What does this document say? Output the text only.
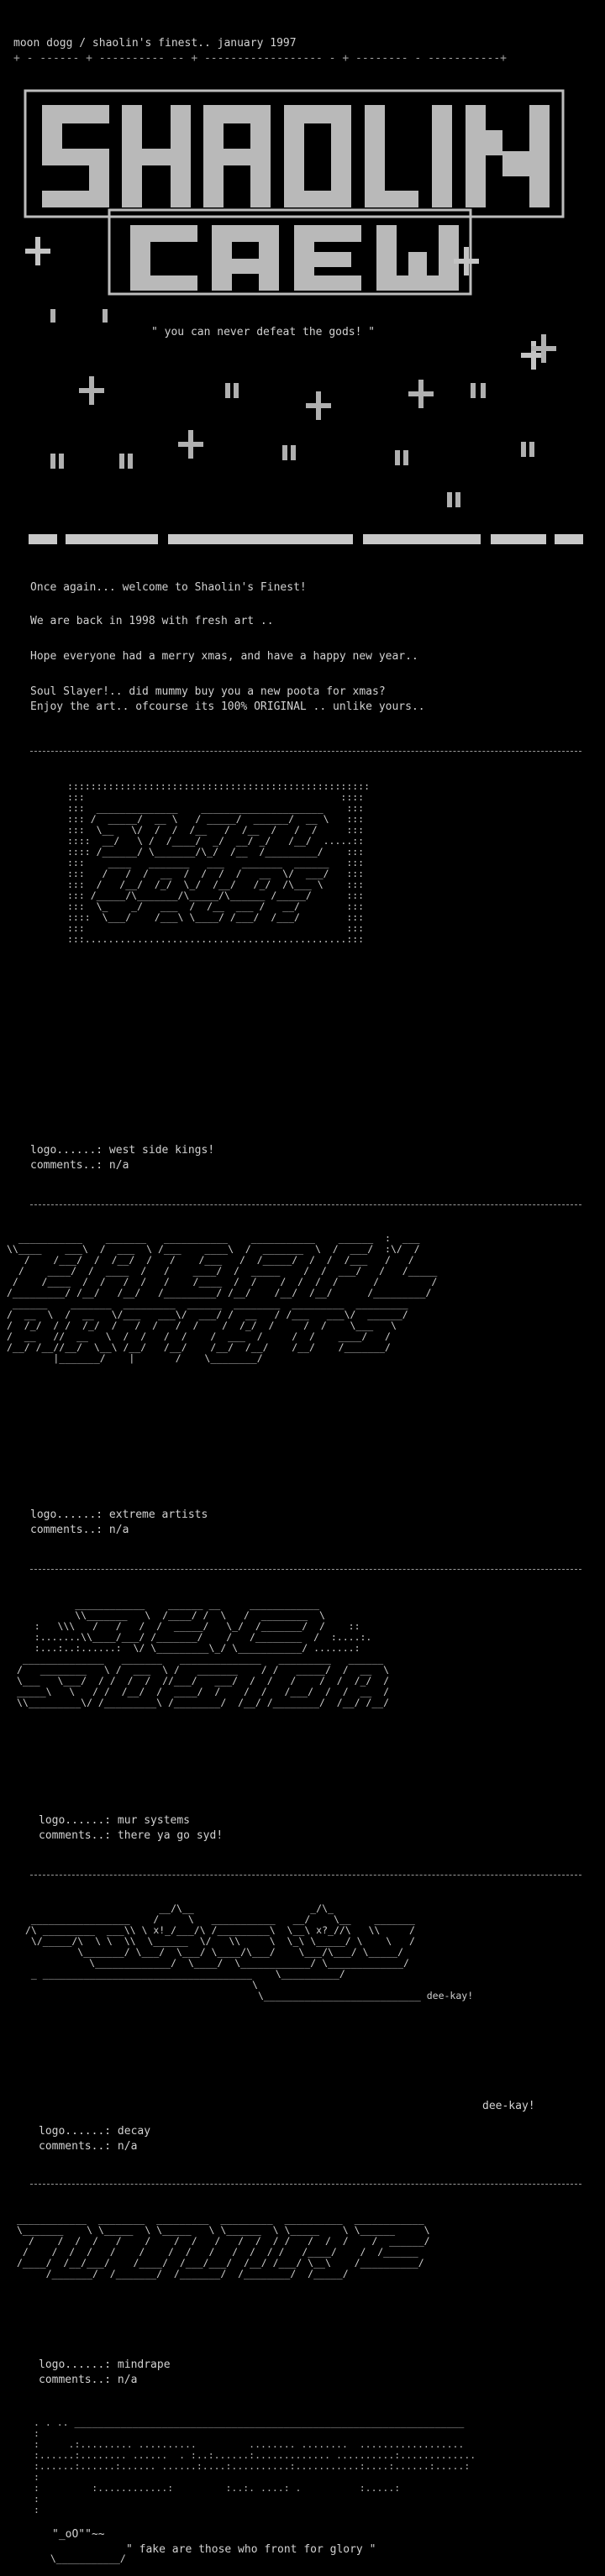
moon dogg / shaolin's finest.. january 1997
+ - ------ + ---------- -- + ------------------ - + -------- - -----------+
" you can never defeat the gods! "
Once again... welcome to Shaolin's Finest!
We are back in 1998 with fresh art ..
Hope everyone had a merry xmas, and have a happy new year..
Soul Slayer!.. did mummy buy you a new poota for xmas?
Enjoy the art.. ofcourse its 100% ORIGINAL .. unlike yours..
::::::::::::::::::::::::::::::::::::::::::::::::::::
:::                                            ::::
:::  ______________    _____________________    :::
::: /  _____/  __ \   / _____/  ______/  __ \   :::
:::  \__   \/  /  /  /__   /  /__  /   /  /     :::
::::  __/   \ /  /____/  _/  __/ _/   /__/  .....::
:::: /______/ \_______/\_/  /__  /_________/    :::
:::    ____   _______   ___   _______  ______   :::
:::   /   /  /  __  /  /  /  /   __  \/  ___/   :::
:::  /   /__/  /_/  \_/  /__/   /_/  /\___ \    :::
::: /_____/\_______/\_____/\______ /_____/      :::
:::  \_    _/   ___  /  /__  ___ /   __/        :::
::::  \___/    /___\ \____/ /___/  /___/        :::
:::                                             :::
:::.............................................:::
logo......: west side kings!
comments..: n/a
___________    _______   ___________    ___________    ______  :  ___
\\____    ___\  /  ___  \ /___    ____\  /  _______  \  /  ___/  :\/  /
/    /___/  /  /__/  /   /    /___   /  /_____/  /  /  /___   /   /
/    ____/  /  ____  /   /    ____/  /  _____    /  /  ___/   /   /_____
/    /____  /  /   /  /   /    /____  /  /    /  /  /  /      /         /
/_________/ /__/   /__/   /_________/ /__/    /__/  /__/      /_________/
______    _______  _________  ______  ________  _________  _________
/  __  \  /  __   \/___   ___\/  ___/ /  __   / /___   ___\/  ______/
/  /_/  / /  /_/  /   /  /   /  /    /  /_/  /     /  /    \___   \
/  __   //  __   \  /  /   /  /    /  ___  /     /  /    ____/   /
/__/ /__//__/  \__\ /__/   /__/    /__/  /__/    /__/    /_______/
|_______/    |       /    \________/
logo......: extreme artists
comments..: n/a
____________    ______ __     ____________
\\_______   \  /____/ /  \   /  ________  \
:   \\\   /   /   /  /  _____/   \_/  /_______/  /    ::
:.......\\____/___/ /_______/    /   /________  /  :....:.
:...:..:......:  \/ \_________\_/ \___________/ .......:
______________   _______   ______________   _________   ______
/   ________   \ /  ___  \ /   _______    / /   _____/  /  __  \
\___   \___/  / /  /  /  //___/   ___/  /  /   /    /  /  /_/  /
_____\   \   / /  /__/  /  ____/  /    /  /   /___/  /  /  __  /
\\_________\/ /_________\ /________/  /__/ /________/  /__/ /__/
logo......: mur systems
comments..: there ya go syd!
__/\__                    _/\_
_________________    /     \   ___________   __/    \__    _______
/\ _________  ___\\ \ x!_/___/\ /_________\  \__\ x?_//\   \\     /
\/_____/\  \ \  \\  \______  \/   \\     \  \_\ \_____/ \    \   /
\_______/ \___/  \___/ \____/\___/    \___/\___/ \_____/
\_____________/  \____/  \____________/ \_____________/
_ ____________________________________    \__________/
\
\___________________________ dee-kay!
dee-kay!
logo......: decay
comments..: n/a
____________  ________  _________  _________  __________  ____________
\_______    \ \_____  \ \_____   \ \______  \ \_____    \ \______     \
/    /  /  /   /    /    /  /   /   /  /  / /   /  /  /    /  ______/
/    /  /  /   /    /    /  /   /   /  /  / /   /____/    /  /______
/____/  /__/___/    /____/  /___/___/  /__/ /___/ \__\    /__________/
/_______/  /_______/  /_______/  /________/  /_____/

logo......: mindrape
comments..: n/a
. . .. ___________________________________________________________________
:
:     .:......... ..........         ........ ........  ..................
:......:........ ......  . :..:......:............. ..........:.............
:......:......:...... ......:....:..........:...........:....:......:.....:
:
:         :............:         :..:. ....: .          :.....:
:
:
"_oO""~~
" fake are those who front for glory "
\___________/
